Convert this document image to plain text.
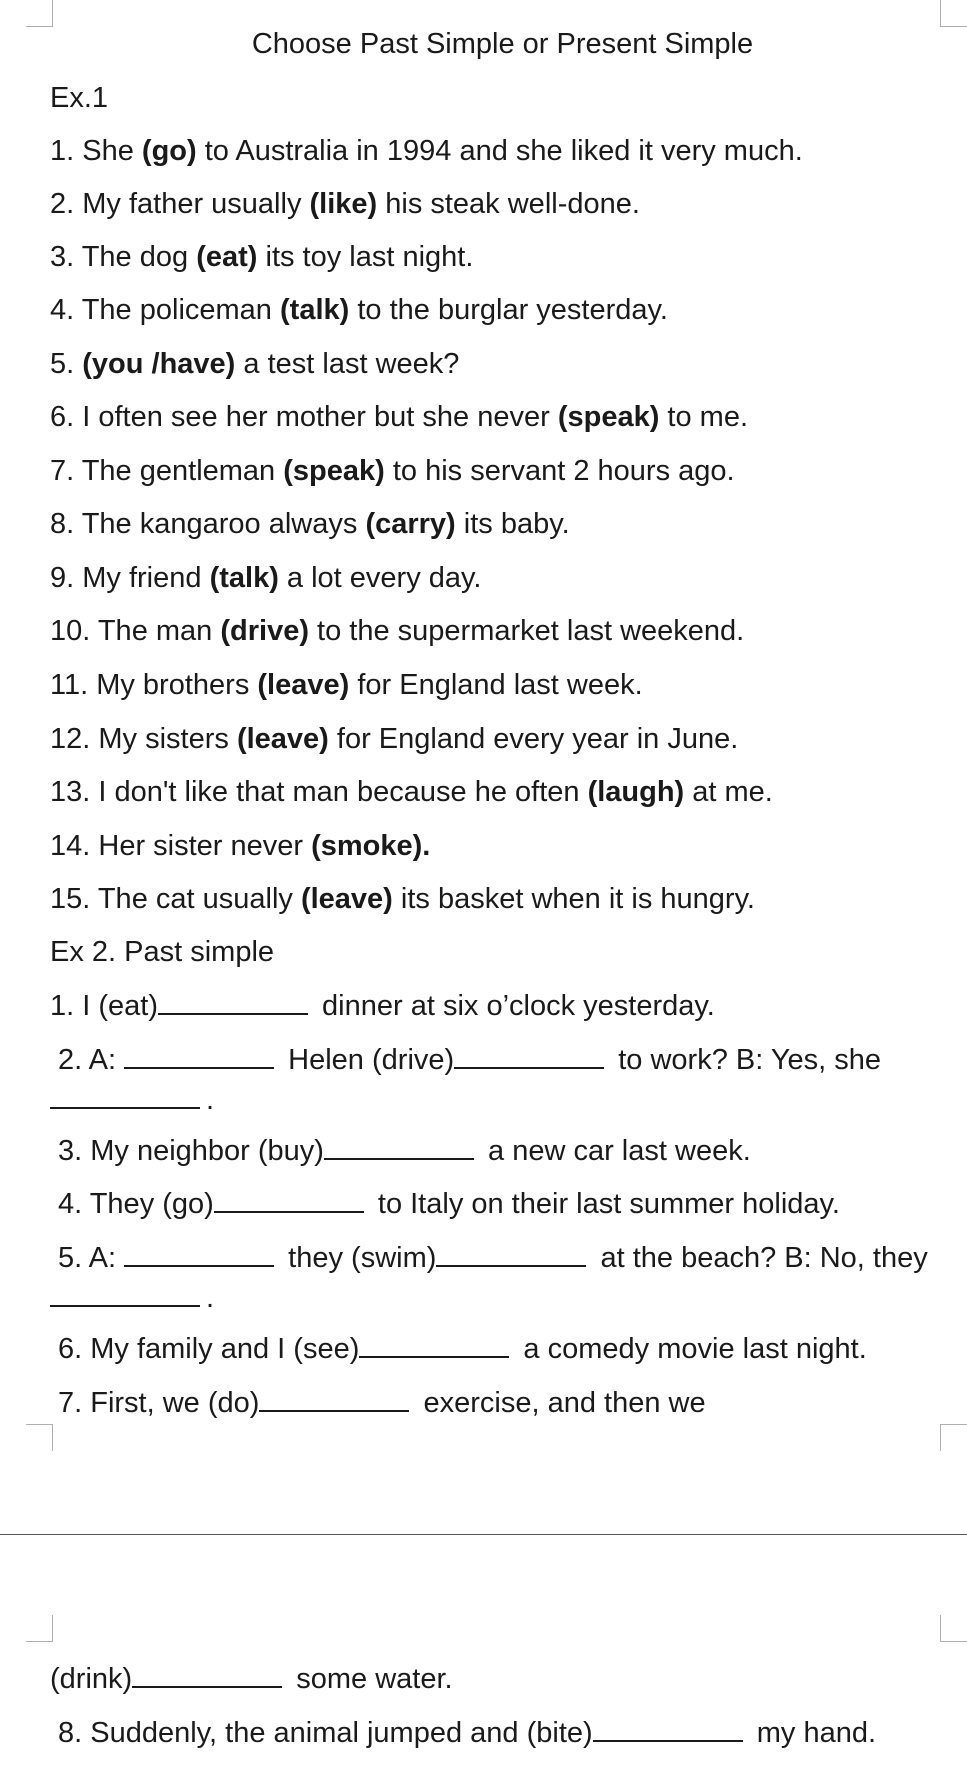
Choose Past Simple or Present Simple
Ex.1
1. She (go) to Australia in 1994 and she liked it very much.
2. My father usually (like) his steak well-done.
3. The dog (eat) its toy last night.
4. The policeman (talk) to the burglar yesterday.
5. (you /have) a test last week?
6. I often see her mother but she never (speak) to me.
7. The gentleman (speak) to his servant 2 hours ago.
8. The kangaroo always (carry) its baby.
9. My friend (talk) a lot every day.
10. The man (drive) to the supermarket last weekend.
11. My brothers (leave) for England last week.
12. My sisters (leave) for England every year in June.
13. I don't like that man because he often (laugh) at me.
14. Her sister never (smoke).
15. The cat usually (leave) its basket when it is hungry.
Ex 2. Past simple
1. I (eat)	dinner at six o’clock yesterday.
2. A:	Helen (drive)	to work? B: Yes, she
.
3. My neighbor (buy)	a new car last week.
4. They (go)	to Italy on their last summer holiday.
5. A:	they (swim)	at the beach? B: No, they
.
6. My family and I (see)	a comedy movie last night.
7. First, we (do)	exercise, and then we
(drink)	some water.
8. Suddenly, the animal jumped and (bite)	my hand.
